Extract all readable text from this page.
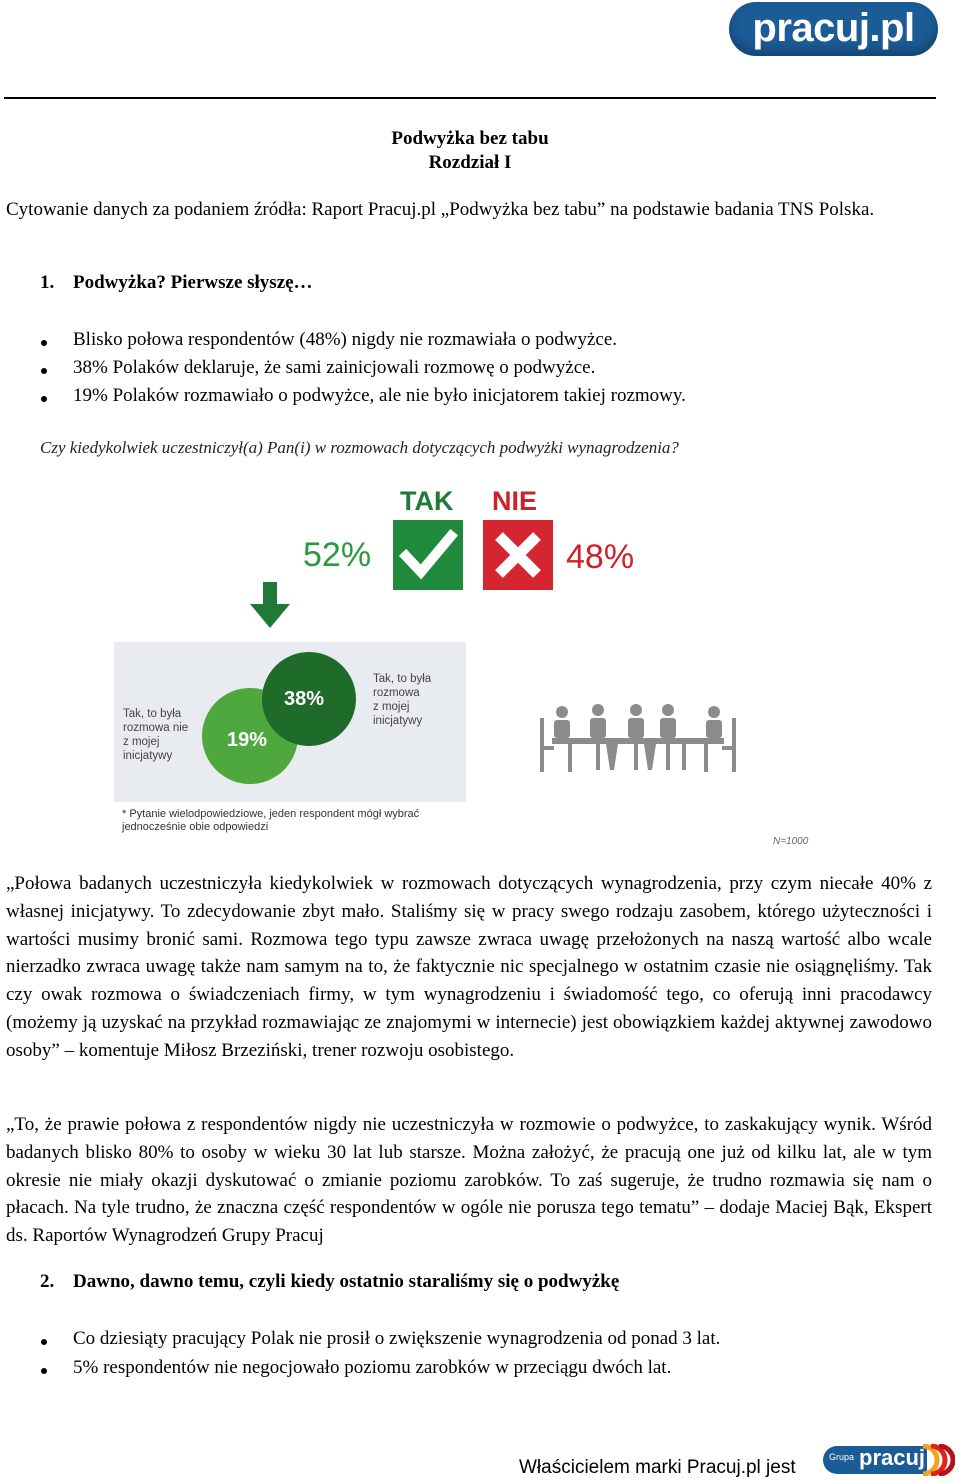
pracuj.pl
Podwyżka bez tabu
Rozdział I
Cytowanie danych za podaniem źródła: Raport Pracuj.pl „Podwyżka bez tabu” na podstawie badania TNS Polska.
1. Podwyżka? Pierwsze słyszę…
Blisko połowa respondentów (48%) nigdy nie rozmawiała o podwyżce.
38% Polaków deklaruje, że sami zainicjowali rozmowę o podwyżce.
19% Polaków rozmawiało o podwyżce, ale nie było inicjatorem takiej rozmowy.
Czy kiedykolwiek uczestniczył(a) Pan(i) w rozmowach dotyczących podwyżki wynagrodzenia?
TAK NIE
52%	48%
38%
19%
Tak, to była
rozmowa nie
z mojej
inicjatywy
Tak, to była
rozmowa
z mojej
inicjatywy
* Pytanie wielodpowiedziowe, jeden respondent mógł wybrać
jednocześnie obie odpowiedzi
N=1000
„Połowa badanych uczestniczyła kiedykolwiek w rozmowach dotyczących wynagrodzenia, przy czym niecałe 40% z własnej inicjatywy. To zdecydowanie zbyt mało. Staliśmy się w pracy swego rodzaju zasobem, którego użyteczności i wartości musimy bronić sami. Rozmowa tego typu zawsze zwraca uwagę przełożonych na naszą wartość albo wcale nierzadko zwraca uwagę także nam samym na to, że faktycznie nic specjalnego w ostatnim czasie nie osiągnęliśmy. Tak czy owak rozmowa o świadczeniach firmy, w tym wynagrodzeniu i świadomość tego, co oferują inni pracodawcy (możemy ją uzyskać na przykład rozmawiając ze znajomymi w internecie) jest obowiązkiem każdej aktywnej zawodowo osoby” – komentuje Miłosz Brzeziński, trener rozwoju osobistego.
„To, że prawie połowa z respondentów nigdy nie uczestniczyła w rozmowie o podwyżce, to zaskakujący wynik. Wśród badanych blisko 80% to osoby w wieku 30 lat lub starsze. Można założyć, że pracują one już od kilku lat, ale w tym okresie nie miały okazji dyskutować o zmianie poziomu zarobków. To zaś sugeruje, że trudno rozmawia się nam o płacach. Na tyle trudno, że znaczna część respondentów w ogóle nie porusza tego tematu” – dodaje Maciej Bąk, Ekspert ds. Raportów Wynagrodzeń Grupy Pracuj
2. Dawno, dawno temu, czyli kiedy ostatnio staraliśmy się o podwyżkę
Co dziesiąty pracujący Polak nie prosił o zwiększenie wynagrodzenia od ponad 3 lat.
5% respondentów nie negocjowało poziomu zarobków w przeciągu dwóch lat.
Właścicielem marki Pracuj.pl jest	Grupa pracuj
